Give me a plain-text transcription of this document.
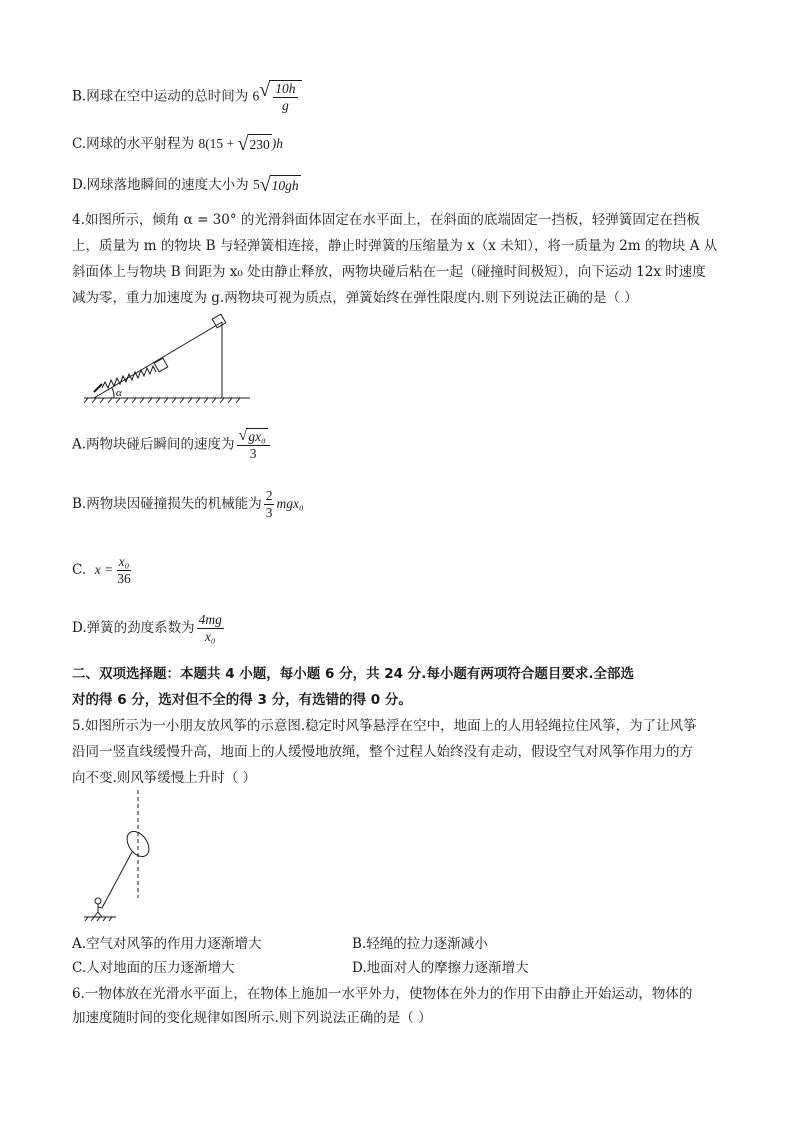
B.网球在空中运动的总时间为 6 √ $\frac{10h}{g}$
C.网球的水平射程为 8(15 + √ 230 )h
D.网球落地瞬间的速度大小为 5 √ 10gh
4.如图所示，倾角 α = 30° 的光滑斜面体固定在水平面上，在斜面的底端固定一挡板，轻弹簧固定在挡板
上，质量为 m 的物块 B 与轻弹簧相连接，静止时弹簧的压缩量为 x（x 未知），将一质量为 2m 的物块 A 从
斜面体上与物块 B 间距为 x₀ 处由静止释放，两物块碰后粘在一起（碰撞时间极短），向下运动 12x 时速度
减为零，重力加速度为 g.两物块可视为质点，弹簧始终在弹性限度内.则下列说法正确的是（ ）
α
A.两物块碰后瞬间的速度为 $\frac{\text{√ gx₀}}{3}$
B.两物块因碰撞损失的机械能为 $\frac{2}{3} mgx_0$
C. $x = \frac{\text{x₀}}{36}$
D.弹簧的劲度系数为 $\frac{4mg}{\text{x₀}}$
二、双项选择题：本题共 4 小题，每小题 6 分，共 24 分.每小题有两项符合题目要求.全部选
对的得 6 分，选对但不全的得 3 分，有选错的得 0 分。
5.如图所示为一小朋友放风筝的示意图.稳定时风筝悬浮在空中，地面上的人用轻绳拉住风筝，为了让风筝
沿同一竖直线缓慢升高，地面上的人缓慢地放绳，整个过程人始终没有走动，假设空气对风筝作用力的方
向不变.则风筝缓慢上升时（ ）
A.空气对风筝的作用力逐渐增大	B.轻绳的拉力逐渐减小
C.人对地面的压力逐渐增大	D.地面对人的摩擦力逐渐增大
6.一物体放在光滑水平面上，在物体上施加一水平外力，使物体在外力的作用下由静止开始运动，物体的
加速度随时间的变化规律如图所示.则下列说法正确的是（ ）
